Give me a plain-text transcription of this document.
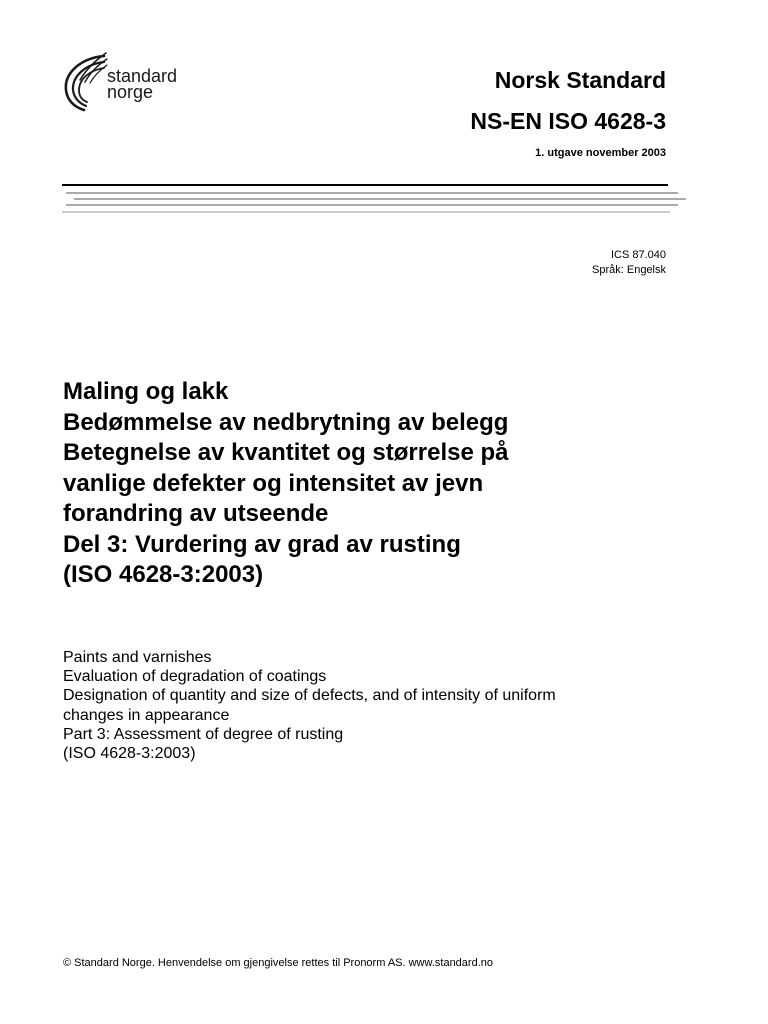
standard
norge	Norsk Standard
NS-EN ISO 4628-3
1. utgave november 2003
ICS 87.040
Språk: Engelsk
Maling og lakk
Bedømmelse av nedbrytning av belegg
Betegnelse av kvantitet og størrelse på
vanlige defekter og intensitet av jevn
forandring av utseende
Del 3: Vurdering av grad av rusting
(ISO 4628-3:2003)
Paints and varnishes
Evaluation of degradation of coatings
Designation of quantity and size of defects, and of intensity of uniform
changes in appearance
Part 3: Assessment of degree of rusting
(ISO 4628-3:2003)
© Standard Norge. Henvendelse om gjengivelse rettes til Pronorm AS. www.standard.no
